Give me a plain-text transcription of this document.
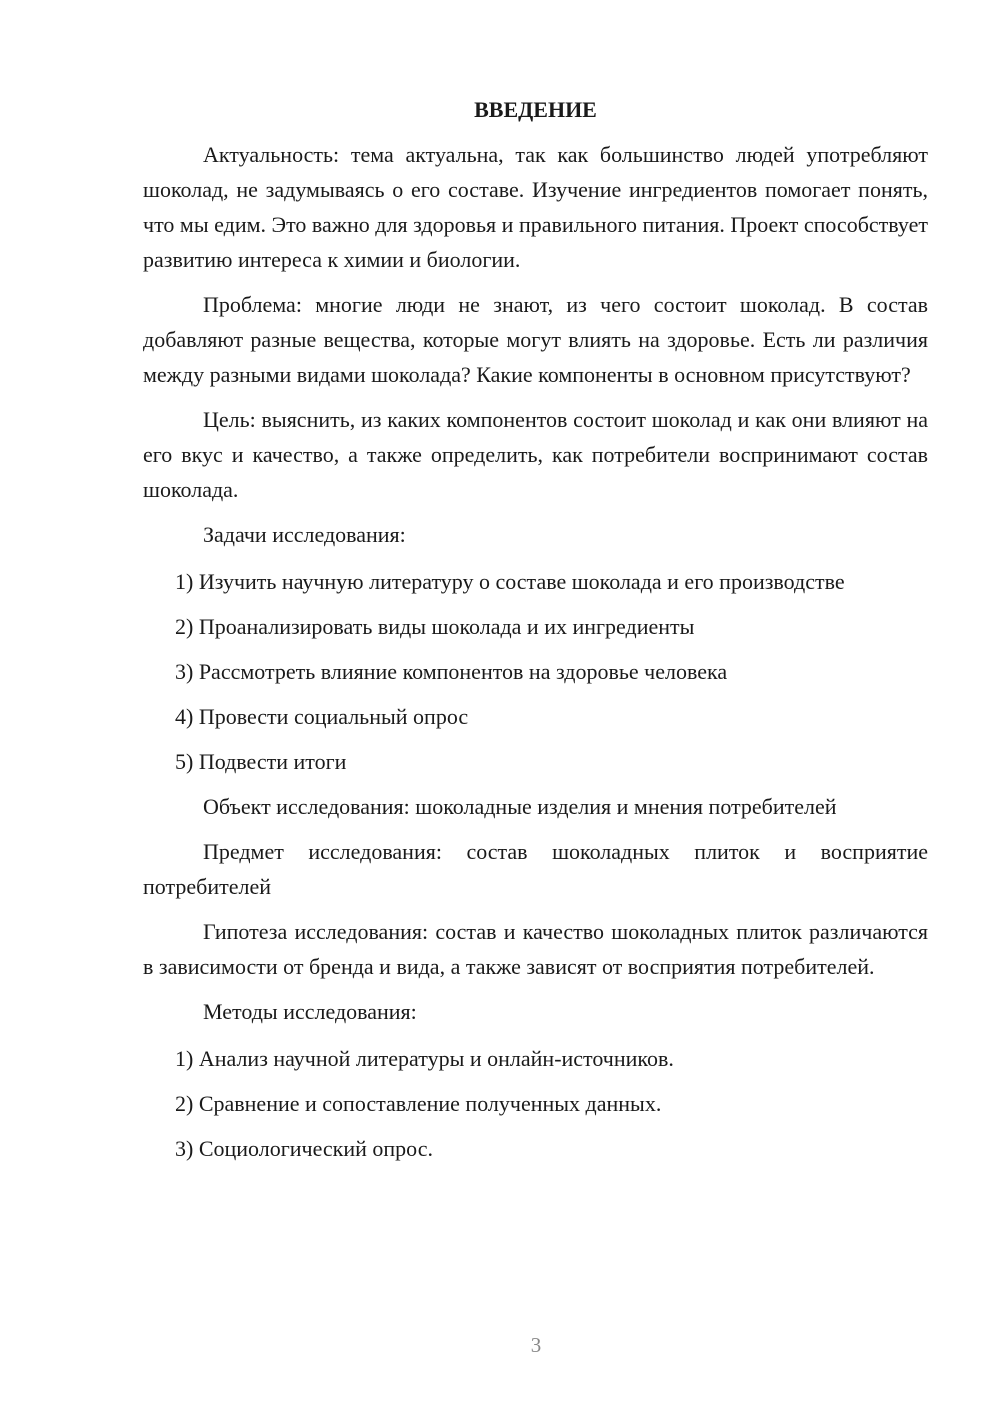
ВВЕДЕНИЕ

Актуальность: тема актуальна, так как большинство людей употребляют шоколад, не задумываясь о его составе. Изучение ингредиентов помогает понять, что мы едим. Это важно для здоровья и правильного питания. Проект способствует развитию интереса к химии и биологии.

Проблема: многие люди не знают, из чего состоит шоколад. В состав добавляют разные вещества, которые могут влиять на здоровье. Есть ли различия между разными видами шоколада? Какие компоненты в основном присутствуют?

Цель: выяснить, из каких компонентов состоит шоколад и как они влияют на его вкус и качество, а также определить, как потребители воспринимают состав шоколада.

Задачи исследования:

1) Изучить научную литературу о составе шоколада и его производстве

2) Проанализировать виды шоколада и их ингредиенты

3) Рассмотреть влияние компонентов на здоровье человека

4) Провести социальный опрос

5) Подвести итоги

Объект исследования: шоколадные изделия и мнения потребителей

Предмет исследования: состав шоколадных плиток и восприятие потребителей

Гипотеза исследования: состав и качество шоколадных плиток различаются в зависимости от бренда и вида, а также зависят от восприятия потребителей.

Методы исследования:

1) Анализ научной литературы и онлайн-источников.

2) Сравнение и сопоставление полученных данных.

3) Социологический опрос.

3
